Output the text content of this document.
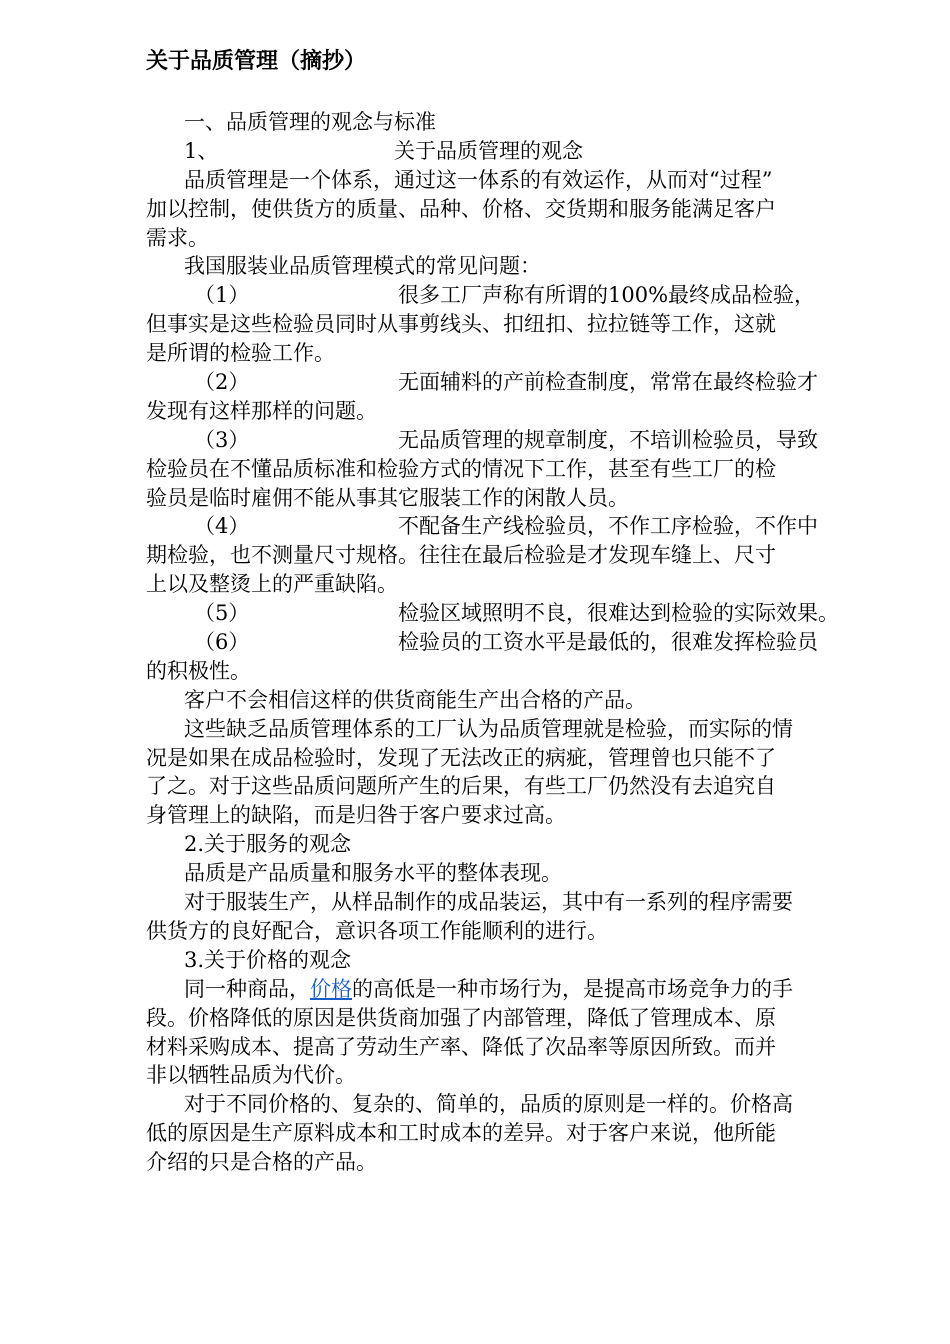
关于品质管理（摘抄）
一、品质管理的观念与标准
1、	关于品质管理的观念
品质管理是一个体系，通过这一体系的有效运作，从而对“过程”
加以控制，使供货方的质量、品种、价格、交货期和服务能满足客户
需求。
我国服装业品质管理模式的常见问题：
（1）	很多工厂声称有所谓的100%最终成品检验，
但事实是这些检验员同时从事剪线头、扣纽扣、拉拉链等工作，这就
是所谓的检验工作。
（2）	无面辅料的产前检查制度，常常在最终检验才
发现有这样那样的问题。
（3）	无品质管理的规章制度，不培训检验员，导致
检验员在不懂品质标准和检验方式的情况下工作，甚至有些工厂的检
验员是临时雇佣不能从事其它服装工作的闲散人员。
（4）	不配备生产线检验员，不作工序检验，不作中
期检验，也不测量尺寸规格。往往在最后检验是才发现车缝上、尺寸
上以及整烫上的严重缺陷。
（5）	检验区域照明不良，很难达到检验的实际效果。
（6）	检验员的工资水平是最低的，很难发挥检验员
的积极性。
客户不会相信这样的供货商能生产出合格的产品。
这些缺乏品质管理体系的工厂认为品质管理就是检验，而实际的情
况是如果在成品检验时，发现了无法改正的病疵，管理曾也只能不了
了之。对于这些品质问题所产生的后果，有些工厂仍然没有去追究自
身管理上的缺陷，而是归咎于客户要求过高。
2.关于服务的观念
品质是产品质量和服务水平的整体表现。
对于服装生产，从样品制作的成品装运，其中有一系列的程序需要
供货方的良好配合，意识各项工作能顺利的进行。
3.关于价格的观念
同一种商品，价格的高低是一种市场行为，是提高市场竞争力的手
段。价格降低的原因是供货商加强了内部管理，降低了管理成本、原
材料采购成本、提高了劳动生产率、降低了次品率等原因所致。而并
非以牺牲品质为代价。
对于不同价格的、复杂的、简单的，品质的原则是一样的。价格高
低的原因是生产原料成本和工时成本的差异。对于客户来说，他所能
介绍的只是合格的产品。
